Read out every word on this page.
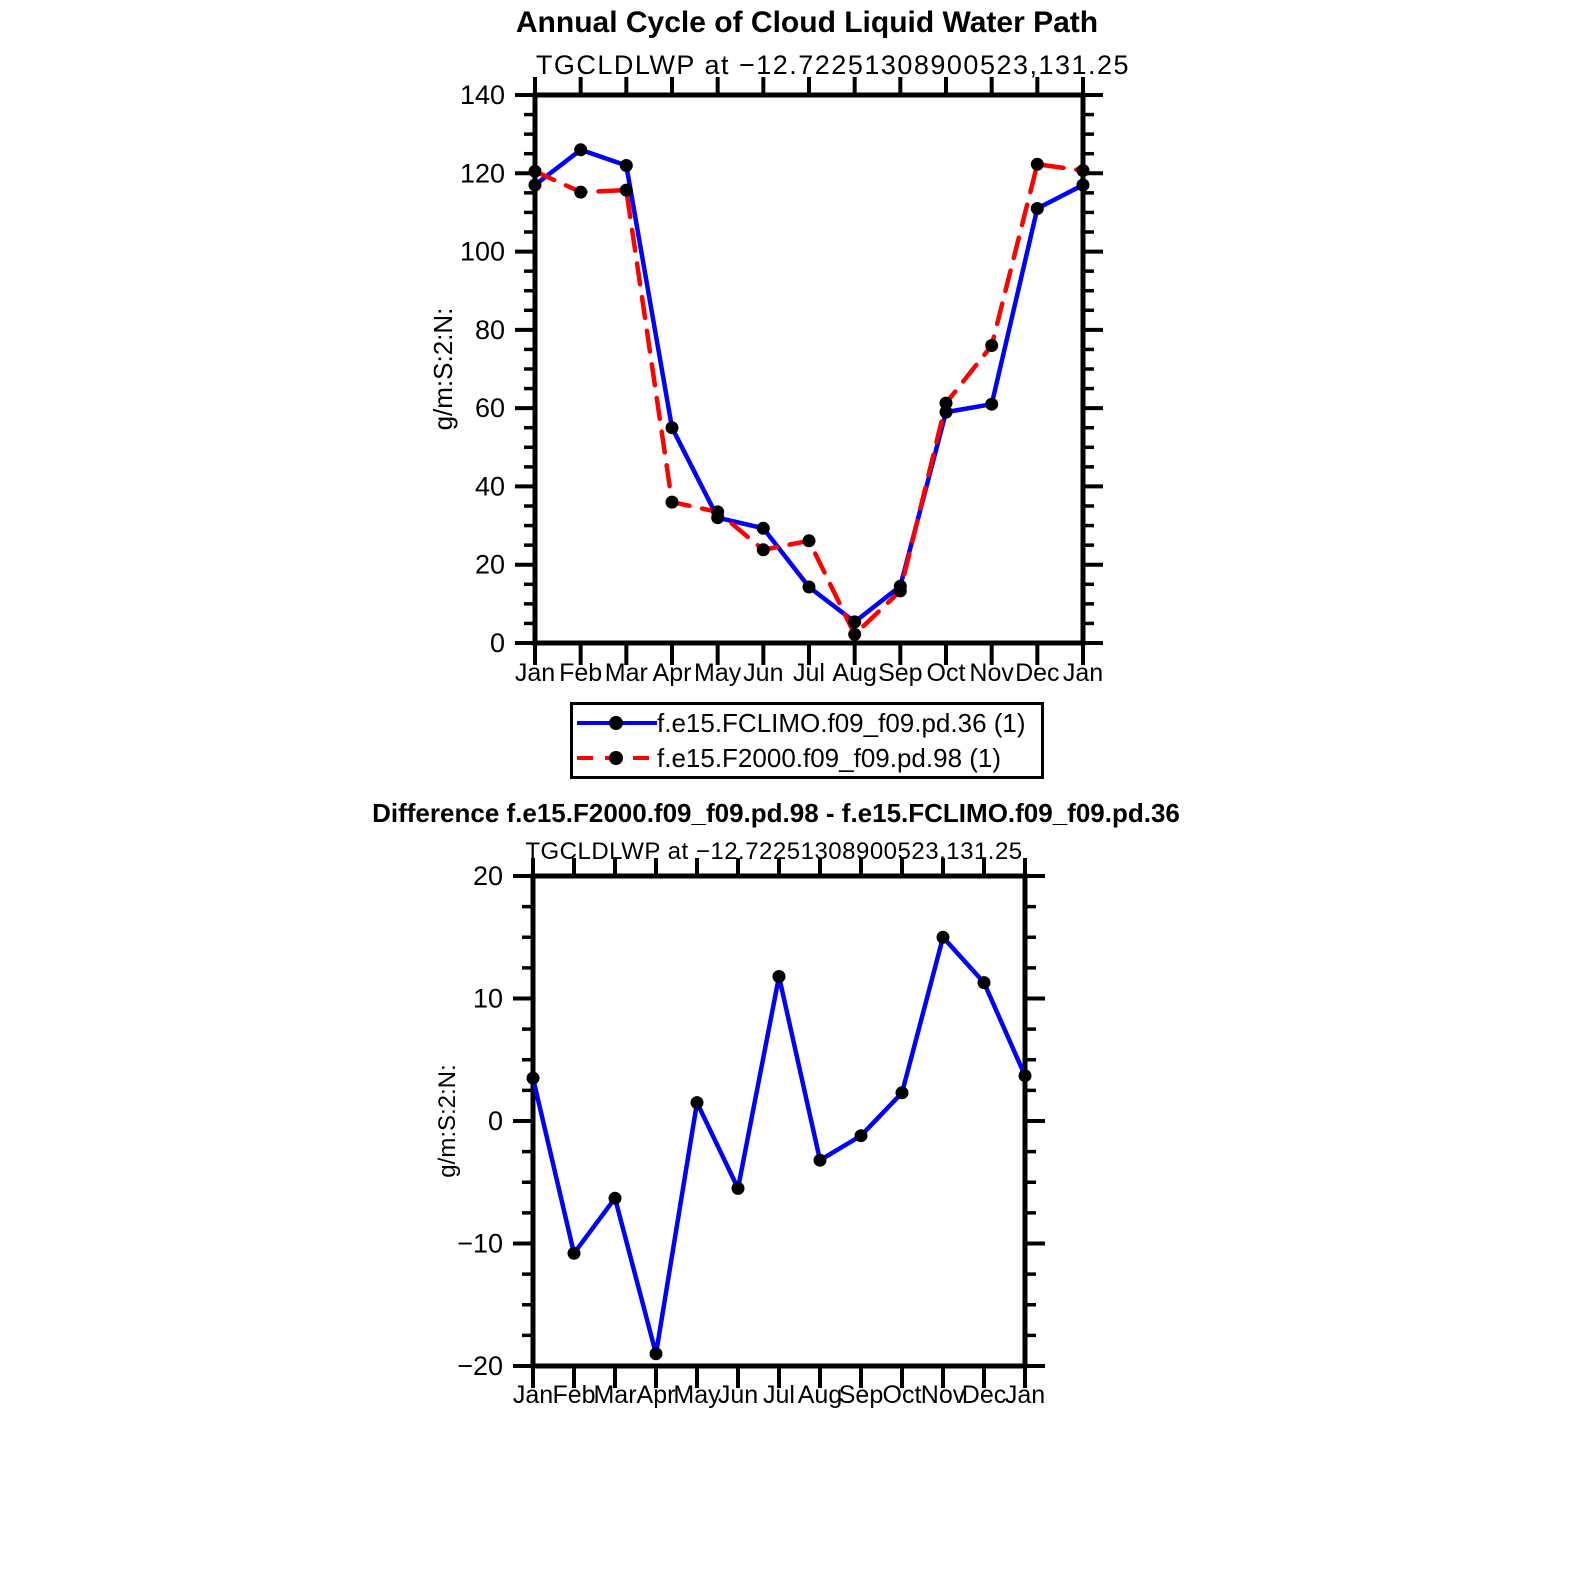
0
20
40
60
80
100
120
140
Jan Feb Mar Apr May Jun Jul Aug Sep Oct Nov Dec Jan
g/m:S:2:N:
−20
−10
0
10
20
Jan Feb
Mar Apr
May
Jun Jul Aug
Sep Oct Nov
Dec
Jan
g/m:S:2:N:
Annual Cycle of Cloud Liquid Water Path
TGCLDLWP at −12.72251308900523,131.25
f.e15.FCLIMO.f09_f09.pd.36 (1)
f.e15.F2000.f09_f09.pd.98 (1)
Difference f.e15.F2000.f09_f09.pd.98 - f.e15.FCLIMO.f09_f09.pd.36
TGCLDLWP at −12.72251308900523,131.25
